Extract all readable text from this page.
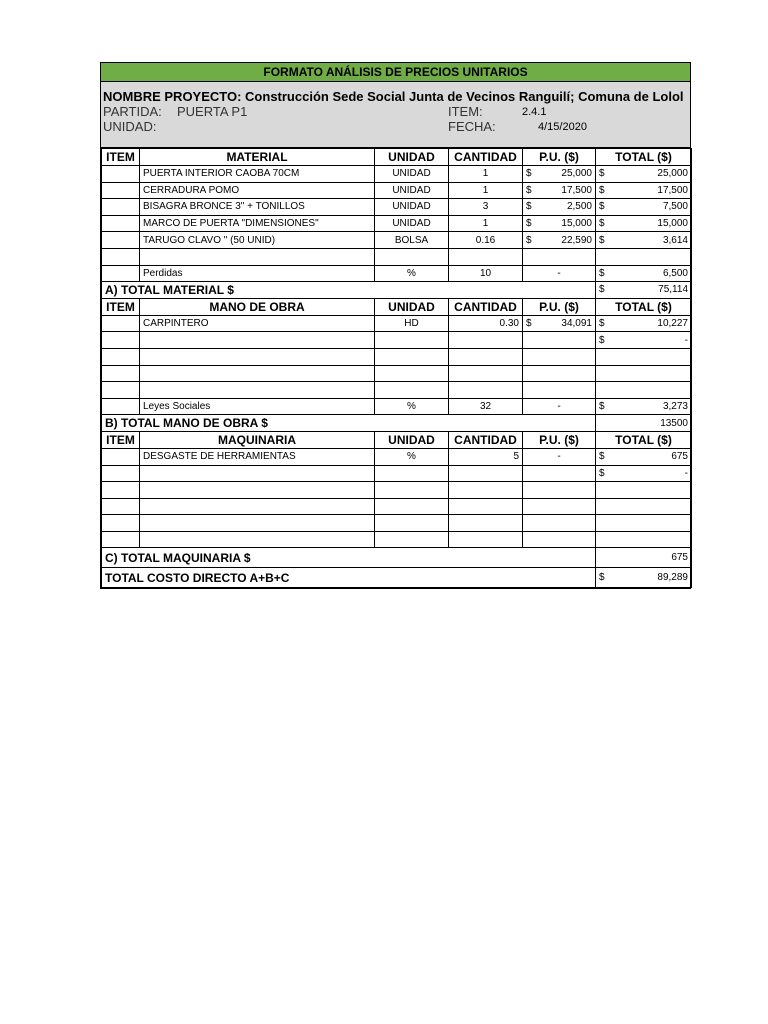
FORMATO ANÁLISIS DE PRECIOS UNITARIOS
NOMBRE PROYECTO: Construcción Sede Social Junta de Vecinos Ranguilí; Comuna de Lolol
PARTIDA: PUERTA P1
UNIDAD:
ITEM:	2.4.1
FECHA:	4/15/2020
ITEM	MATERIAL	UNIDAD	CANTIDAD	P.U. ($)	TOTAL ($)
	PUERTA INTERIOR CAOBA 70CM	UNIDAD	1	$ 25,000	$ 25,000

	CERRADURA POMO	UNIDAD	1	$ 17,500	$ 17,500

	BISAGRA BRONCE 3" + TONILLOS	UNIDAD	3	$ 2,500	$ 7,500

	MARCO DE PUERTA "DIMENSIONES"	UNIDAD	1	$ 15,000	$ 15,000

	TARUGO CLAVO " (50 UNID)	BOLSA	0.16	$ 22,590	$ 3,614

	Perdidas	%	10	-	$ 6,500

A) TOTAL MATERIAL $					$ 75,114

ITEM	MANO DE OBRA	UNIDAD	CANTIDAD	P.U. ($)	TOTAL ($)
	CARPINTERO	HD	0.30	$ 34,091	$ 10,227

					$ -

	Leyes Sociales	%	32	-	$ 3,273

B) TOTAL MANO DE OBRA $					13500
ITEM	MAQUINARIA	UNIDAD	CANTIDAD	P.U. ($)	TOTAL ($)
	DESGASTE DE HERRAMIENTAS	%	5	-	$ 675

					$ -

C) TOTAL MAQUINARIA $					675
TOTAL COSTO DIRECTO A+B+C					$ 89,289
